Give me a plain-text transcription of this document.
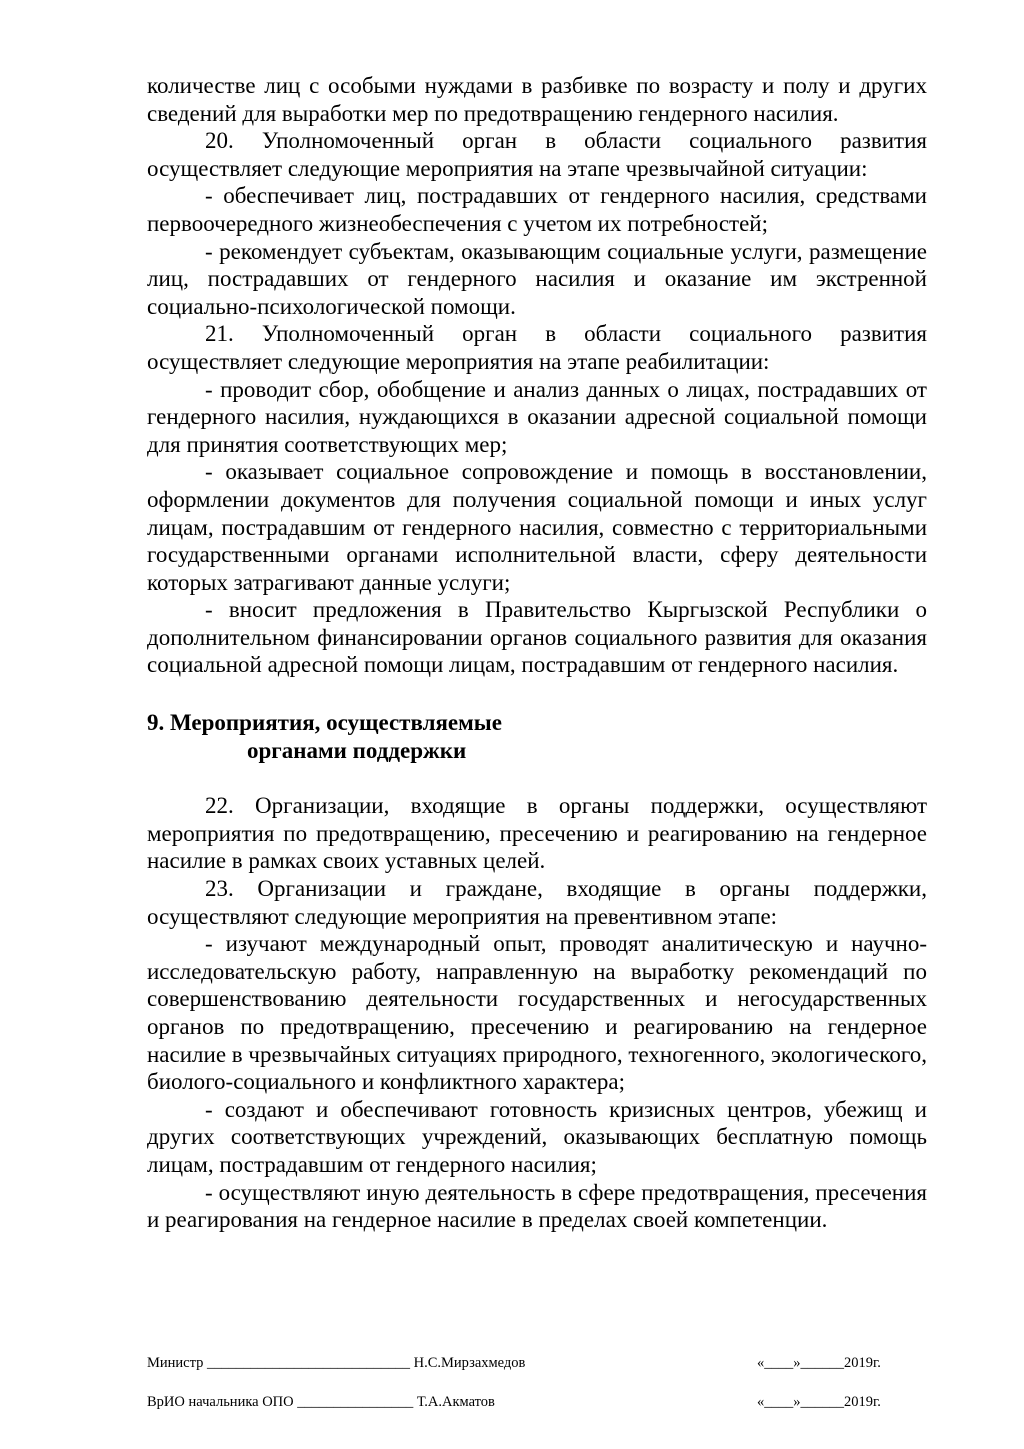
количестве лиц с особыми нуждами в разбивке по возрасту и полу и других сведений для выработки мер по предотвращению гендерного насилия.

20. Уполномоченный орган в области социального развития осуществляет следующие мероприятия на этапе чрезвычайной ситуации:

- обеспечивает лиц, пострадавших от гендерного насилия, средствами первоочередного жизнеобеспечения с учетом их потребностей;

- рекомендует субъектам, оказывающим социальные услуги, размещение лиц, пострадавших от гендерного насилия и оказание им экстренной социально-психологической помощи.

21. Уполномоченный орган в области социального развития осуществляет следующие мероприятия на этапе реабилитации:

- проводит сбор, обобщение и анализ данных о лицах, пострадавших от гендерного насилия, нуждающихся в оказании адресной социальной помощи для принятия соответствующих мер;

- оказывает социальное сопровождение и помощь в восстановлении, оформлении документов для получения социальной помощи и иных услуг лицам, пострадавшим от гендерного насилия, совместно с территориальными государственными органами исполнительной власти, сферу деятельности которых затрагивают данные услуги;

- вносит предложения в Правительство Кыргызской Республики о дополнительном финансировании органов социального развития для оказания социальной адресной помощи лицам, пострадавшим от гендерного насилия.

9. Мероприятия, осуществляемые
органами поддержки

22. Организации, входящие в органы поддержки, осуществляют мероприятия по предотвращению, пресечению и реагированию на гендерное насилие в рамках своих уставных целей.

23. Организации и граждане, входящие в органы поддержки, осуществляют следующие мероприятия на превентивном этапе:

- изучают международный опыт, проводят аналитическую и научно-исследовательскую работу, направленную на выработку рекомендаций по совершенствованию деятельности государственных и негосударственных органов по предотвращению, пресечению и реагированию на гендерное насилие в чрезвычайных ситуациях природного, техногенного, экологического, биолого-социального и конфликтного характера;

- создают и обеспечивают готовность кризисных центров, убежищ и других соответствующих учреждений, оказывающих бесплатную помощь лицам, пострадавшим от гендерного насилия;

- осуществляют иную деятельность в сфере предотвращения, пресечения и реагирования на гендерное насилие в пределах своей компетенции.

Министр ____________________________ Н.С.Мирзахмедов	«____»______2019г.
ВрИО начальника ОПО ________________ Т.А.Акматов	«____»______2019г.
